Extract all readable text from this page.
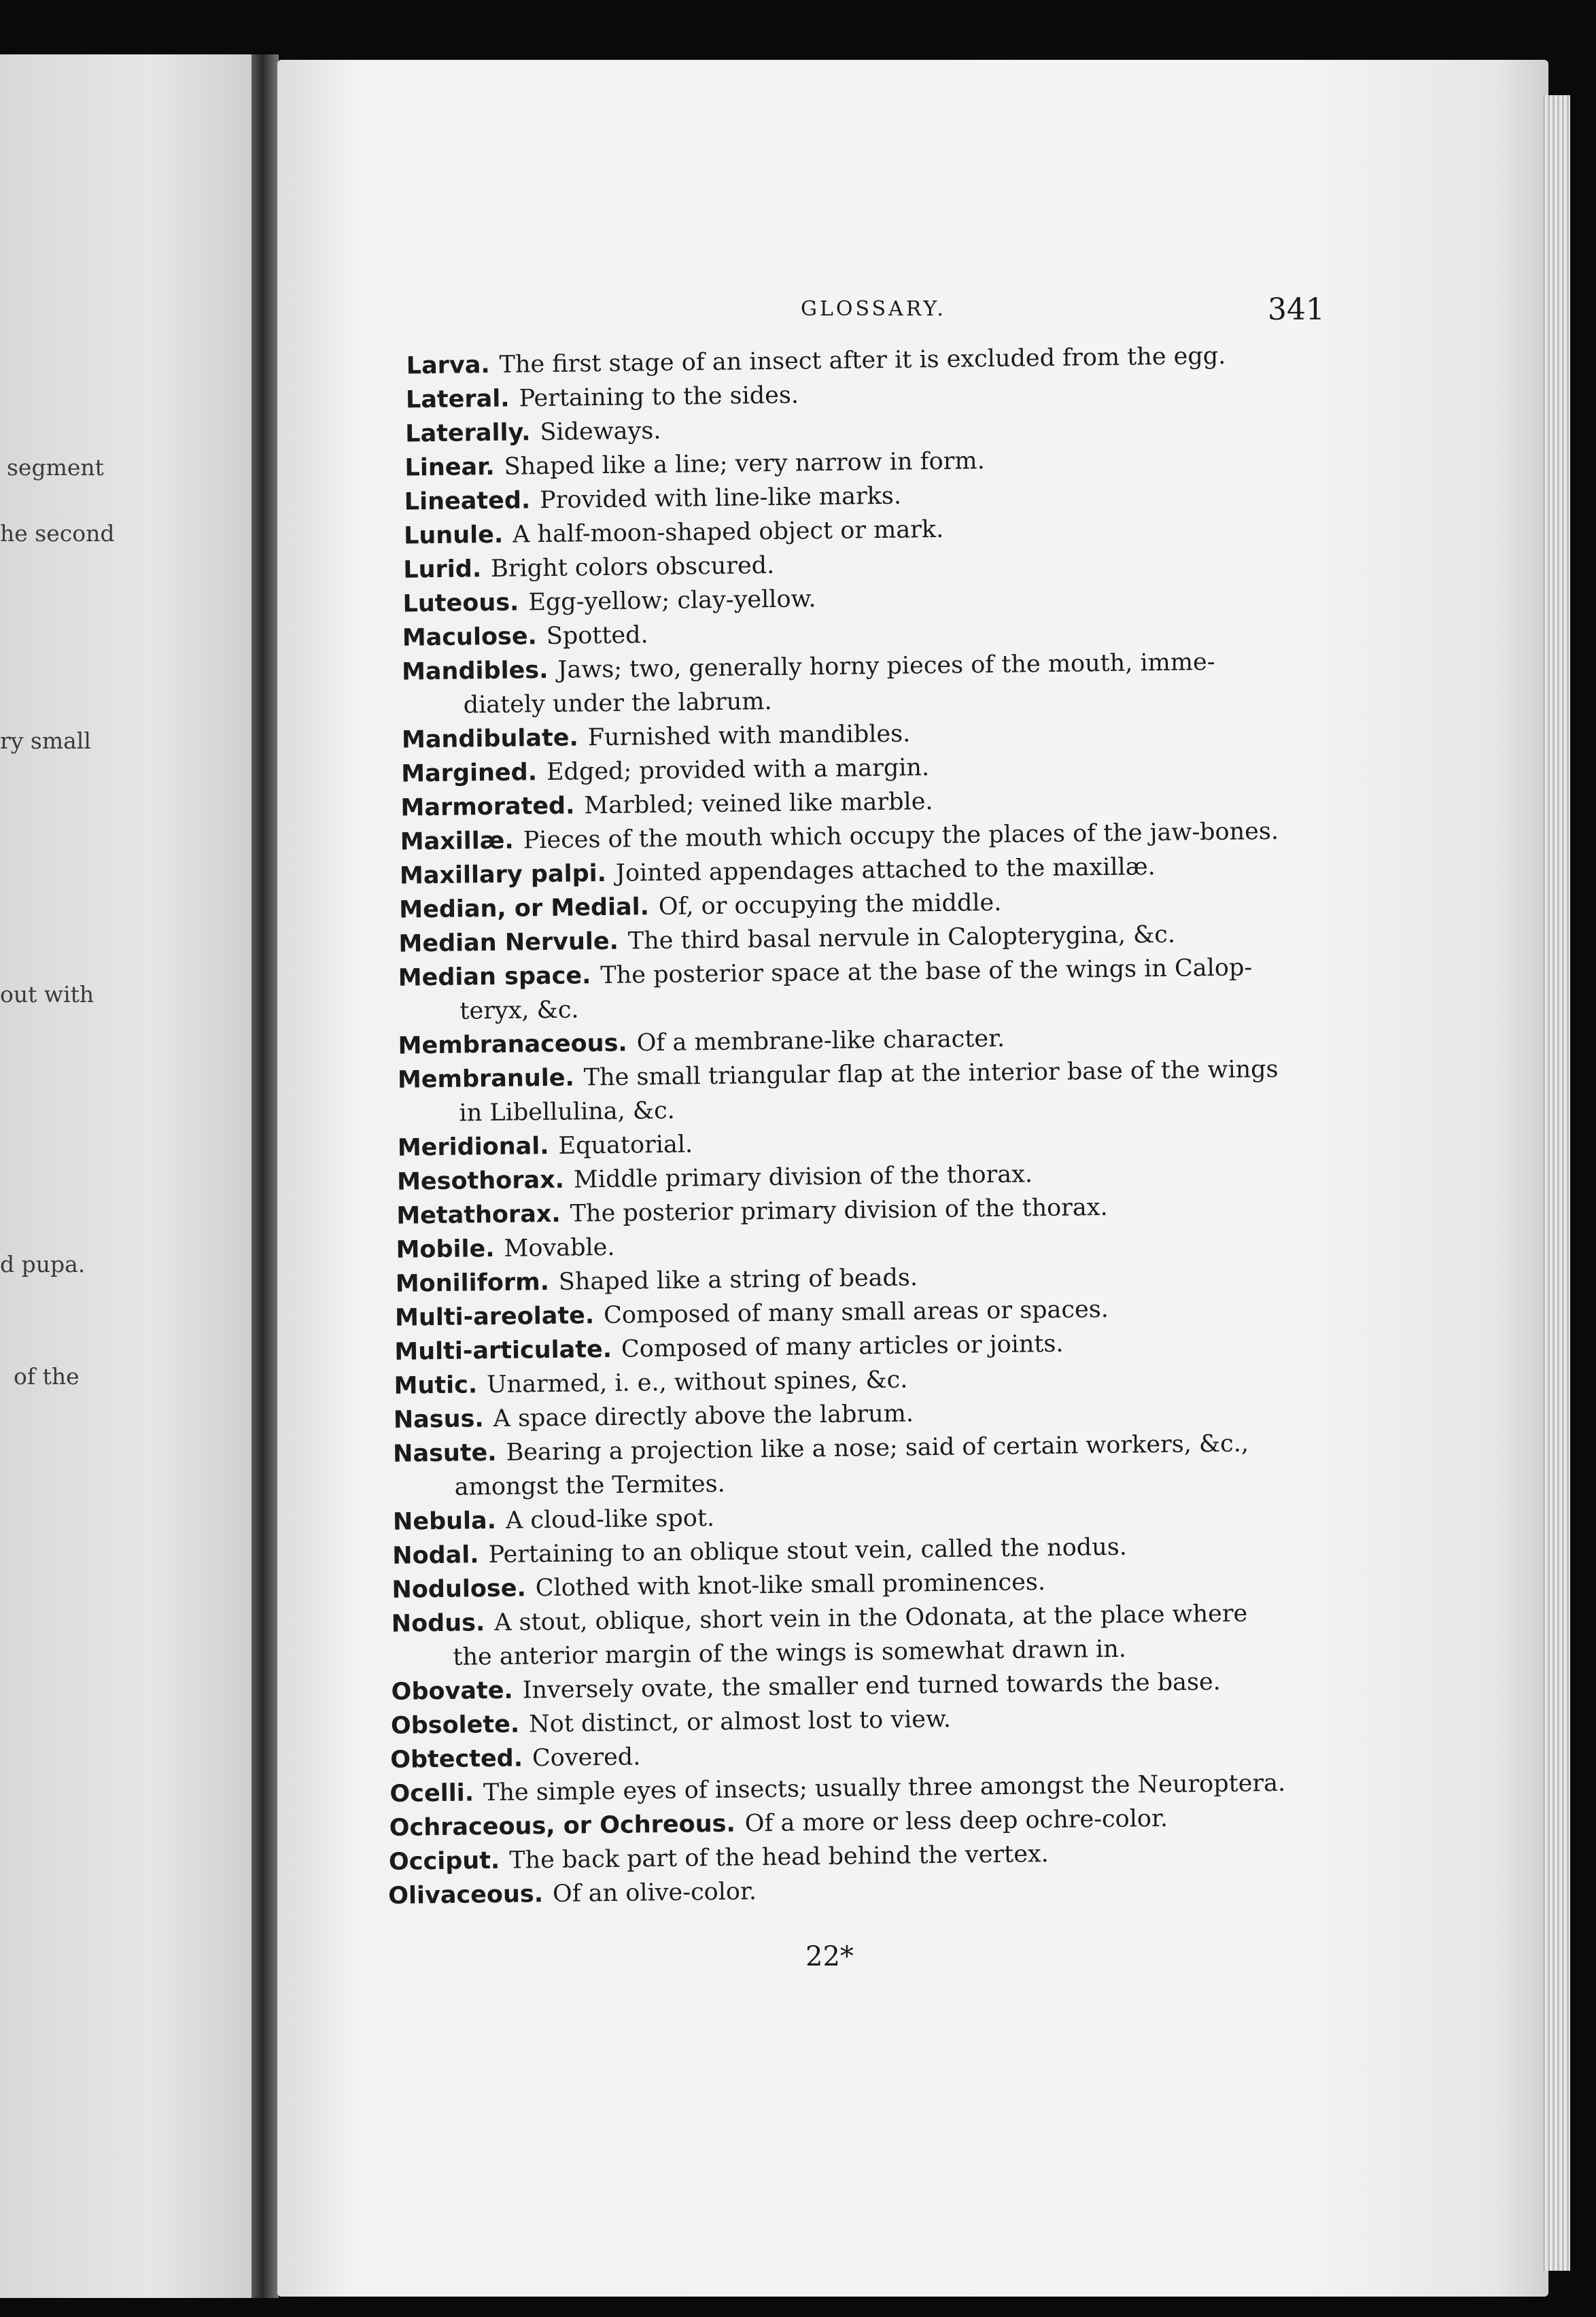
segment
he second
ry small
out with
d pupa.
of the
GLOSSARY.	341
Larva. The first stage of an insect after it is excluded from the egg.
Lateral. Pertaining to the sides.
Laterally. Sideways.
Linear. Shaped like a line; very narrow in form.
Lineated. Provided with line-like marks.
Lunule. A half-moon-shaped object or mark.
Lurid. Bright colors obscured.
Luteous. Egg-yellow; clay-yellow.
Maculose. Spotted.
Mandibles. Jaws; two, generally horny pieces of the mouth, imme-
diately under the labrum.
Mandibulate. Furnished with mandibles.
Margined. Edged; provided with a margin.
Marmorated. Marbled; veined like marble.
Maxillæ. Pieces of the mouth which occupy the places of the jaw-bones.
Maxillary palpi. Jointed appendages attached to the maxillæ.
Median, or Medial. Of, or occupying the middle.
Median Nervule. The third basal nervule in Calopterygina, &c.
Median space. The posterior space at the base of the wings in Calop-
teryx, &c.
Membranaceous. Of a membrane-like character.
Membranule. The small triangular flap at the interior base of the wings
in Libellulina, &c.
Meridional. Equatorial.
Mesothorax. Middle primary division of the thorax.
Metathorax. The posterior primary division of the thorax.
Mobile. Movable.
Moniliform. Shaped like a string of beads.
Multi-areolate. Composed of many small areas or spaces.
Multi-articulate. Composed of many articles or joints.
Mutic. Unarmed, i. e., without spines, &c.
Nasus. A space directly above the labrum.
Nasute. Bearing a projection like a nose; said of certain workers, &c.,
amongst the Termites.
Nebula. A cloud-like spot.
Nodal. Pertaining to an oblique stout vein, called the nodus.
Nodulose. Clothed with knot-like small prominences.
Nodus. A stout, oblique, short vein in the Odonata, at the place where
the anterior margin of the wings is somewhat drawn in.
Obovate. Inversely ovate, the smaller end turned towards the base.
Obsolete. Not distinct, or almost lost to view.
Obtected. Covered.
Ocelli. The simple eyes of insects; usually three amongst the Neuroptera.
Ochraceous, or Ochreous. Of a more or less deep ochre-color.
Occiput. The back part of the head behind the vertex.
Olivaceous. Of an olive-color.
22*
